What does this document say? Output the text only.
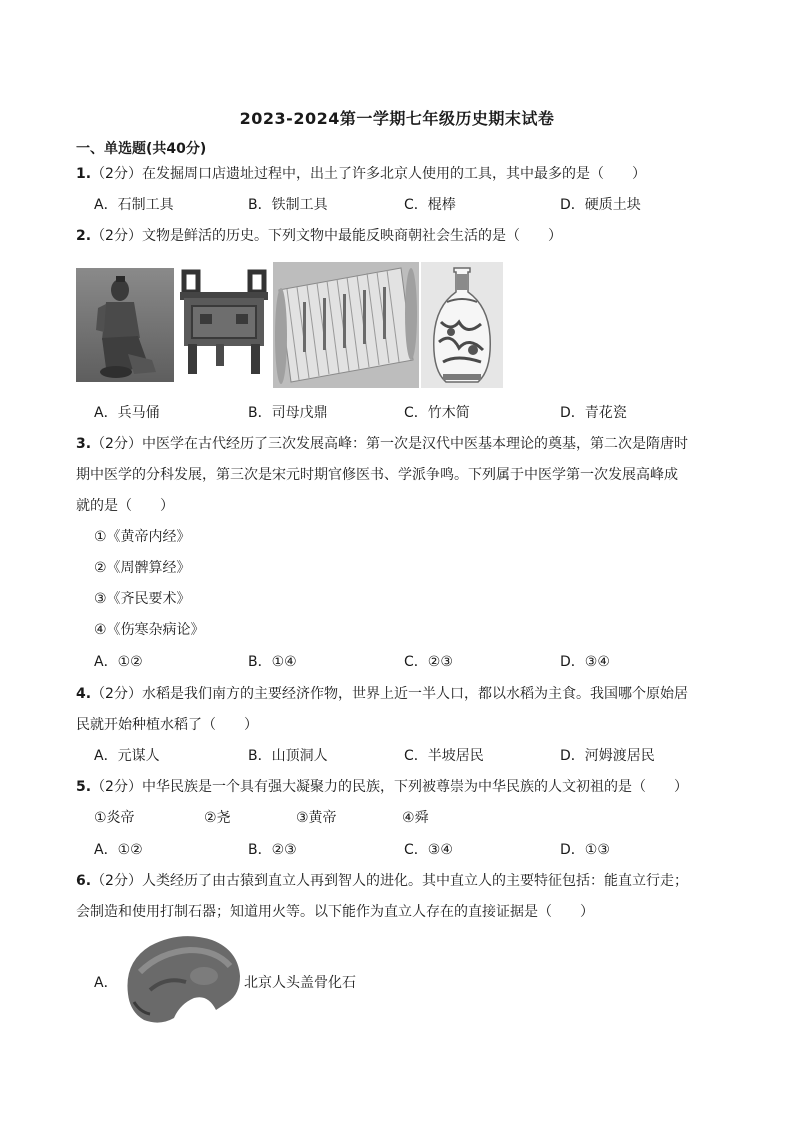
2023-2024第一学期七年级历史期末试卷
一、单选题(共40分)
1.（2分）在发掘周口店遗址过程中，出土了许多北京人使用的工具，其中最多的是（　　）
A．石制工具	B．铁制工具	C．棍棒	D．硬质土块
2.（2分）文物是鲜活的历史。下列文物中最能反映商朝社会生活的是（　　）
A．兵马俑	B．司母戊鼎	C．竹木简	D．青花瓷
3.（2分）中医学在古代经历了三次发展高峰：第一次是汉代中医基本理论的奠基，第二次是隋唐时
期中医学的分科发展，第三次是宋元时期官修医书、学派争鸣。下列属于中医学第一次发展高峰成
就的是（　　）
①《黄帝内经》
②《周髀算经》
③《齐民要术》
④《伤寒杂病论》
A．①②	B．①④	C．②③	D．③④
4.（2分）水稻是我们南方的主要经济作物，世界上近一半人口，都以水稻为主食。我国哪个原始居
民就开始种植水稻了（　　）
A．元谋人	B．山顶洞人	C．半坡居民	D．河姆渡居民
5.（2分）中华民族是一个具有强大凝聚力的民族，下列被尊崇为中华民族的人文初祖的是（　　）
①炎帝	②尧	③黄帝	④舜
A．①②	B．②③	C．③④	D．①③
6.（2分）人类经历了由古猿到直立人再到智人的进化。其中直立人的主要特征包括：能直立行走；
会制造和使用打制石器；知道用火等。以下能作为直立人存在的直接证据是（　　）
A．	北京人头盖骨化石
